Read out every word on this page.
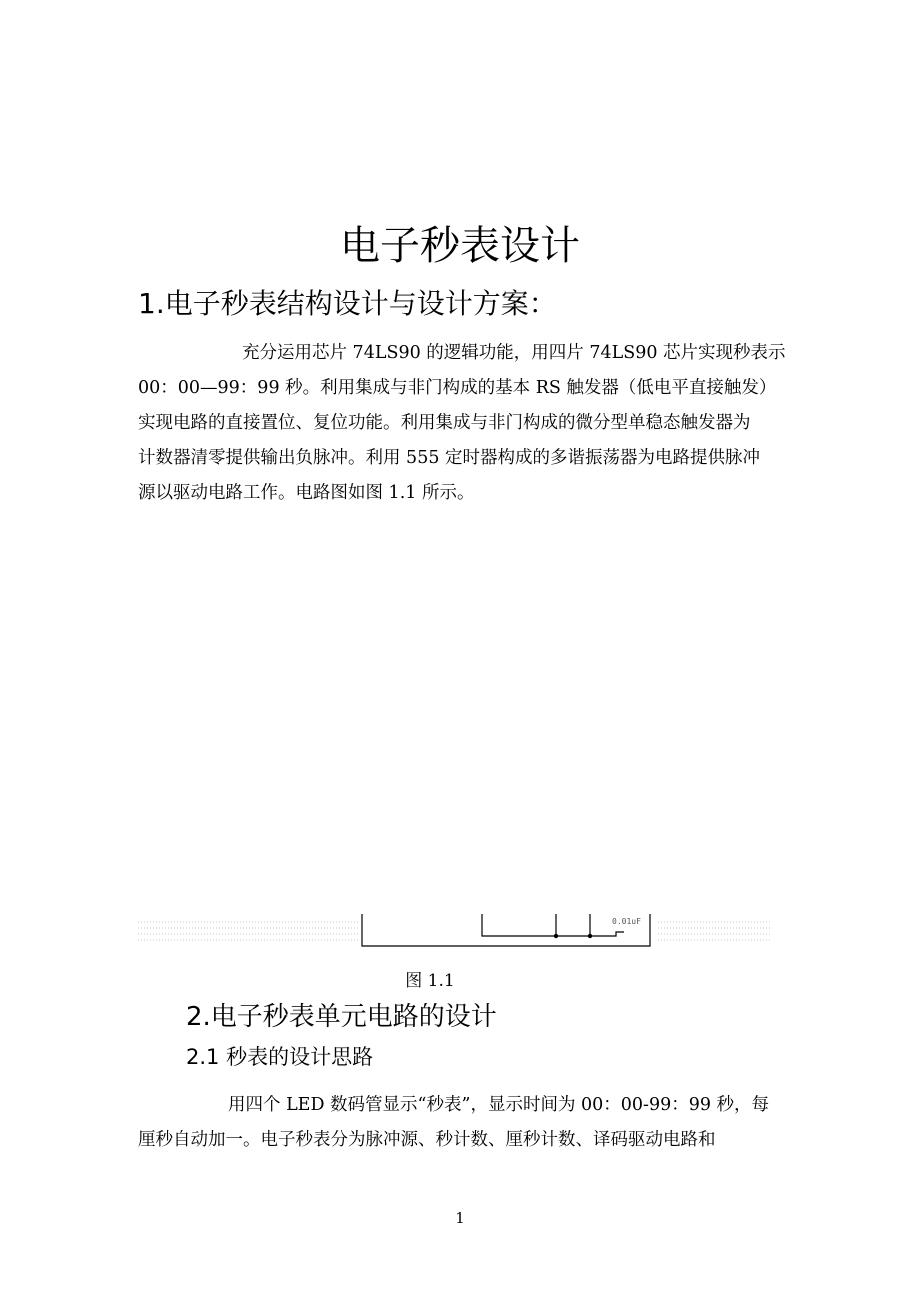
电子秒表设计
1.电子秒表结构设计与设计方案：

充分运用芯片 74LS90 的逻辑功能，用四片 74LS90 芯片实现秒表示
00：00—99：99 秒。利用集成与非门构成的基本 RS 触发器（低电平直接触发）
实现电路的直接置位、复位功能。利用集成与非门构成的微分型单稳态触发器为
计数器清零提供输出负脉冲。利用 555 定时器构成的多谐振荡器为电路提供脉冲
源以驱动电路工作。电路图如图 1.1 所示。

0.01uF
图 1.1
2.电子秒表单元电路的设计
2.1 秒表的设计思路

用四个 LED 数码管显示“秒表”，显示时间为 00：00-99：99 秒，每
厘秒自动加一。电子秒表分为脉冲源、秒计数、厘秒计数、译码驱动电路和

1
